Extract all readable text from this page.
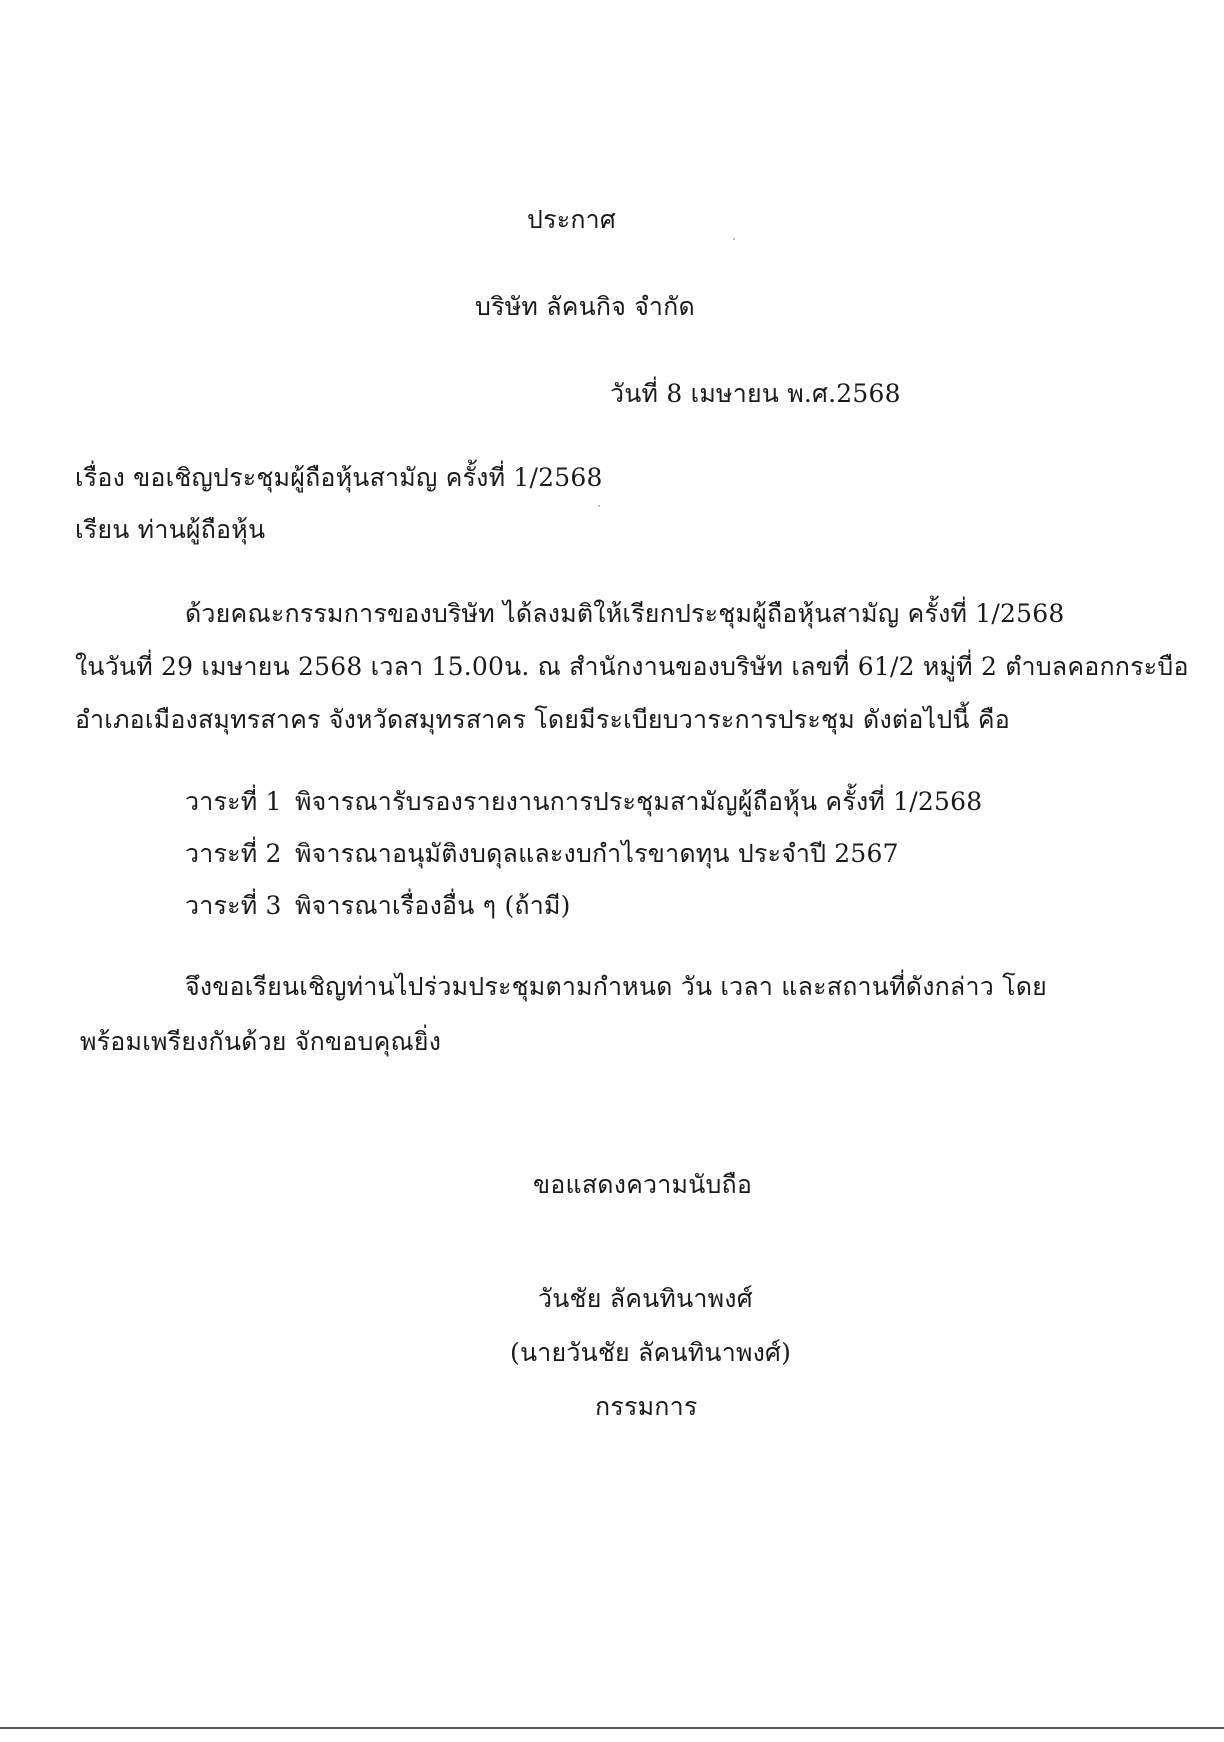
ประกาศ
บริษัท ลัคนกิจ จำกัด
วันที่ 8 เมษายน พ.ศ.2568
เรื่อง ขอเชิญประชุมผู้ถือหุ้นสามัญ ครั้งที่ 1/2568
เรียน ท่านผู้ถือหุ้น
ด้วยคณะกรรมการของบริษัท ได้ลงมติให้เรียกประชุมผู้ถือหุ้นสามัญ ครั้งที่ 1/2568
ในวันที่ 29 เมษายน 2568 เวลา 15.00น. ณ สำนักงานของบริษัท เลขที่ 61/2 หมู่ที่ 2 ตำบลคอกกระบือ
อำเภอเมืองสมุทรสาคร จังหวัดสมุทรสาคร โดยมีระเบียบวาระการประชุม ดังต่อไปนี้ คือ
วาระที่ 1 พิจารณารับรองรายงานการประชุมสามัญผู้ถือหุ้น ครั้งที่ 1/2568
วาระที่ 2 พิจารณาอนุมัติงบดุลและงบกำไรขาดทุน ประจำปี 2567
วาระที่ 3 พิจารณาเรื่องอื่น ๆ (ถ้ามี)
จึงขอเรียนเชิญท่านไปร่วมประชุมตามกำหนด วัน เวลา และสถานที่ดังกล่าว โดย
พร้อมเพรียงกันด้วย จักขอบคุณยิ่ง
ขอแสดงความนับถือ
วันชัย ลัคนทินาพงศ์
(นายวันชัย ลัคนทินาพงศ์)
กรรมการ
